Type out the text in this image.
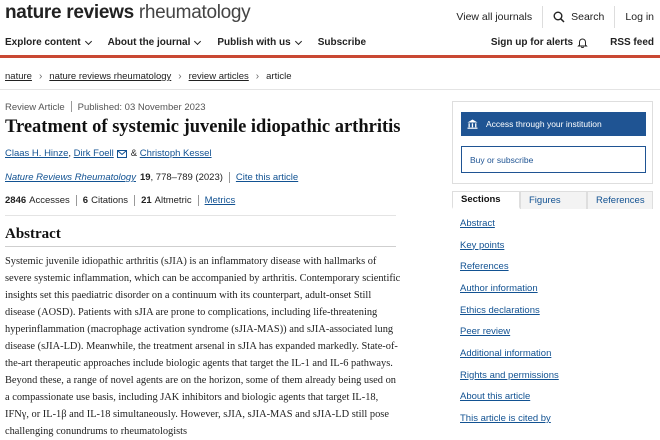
nature reviews rheumatology	View all journals	Search Log in
Explore content	About the journal	Publish with us	Subscribe	Sign up for alerts	RSS feed
nature › nature reviews rheumatology › review articles › article
Review Article Published: 03 November 2023
Treatment of systemic juvenile idiopathic arthritis
Claas H. Hinze ,
Dirk Foell &
Christoph Kessel
Nature Reviews Rheumatology 19 , 778–789 (2023) Cite this article
2846 Accesses 6 Citations 21 Altmetric Metrics
Abstract

Systemic juvenile idiopathic arthritis (sJIA) is an inflammatory disease with hallmarks of severe systemic inflammation, which can be accompanied by arthritis. Contemporary scientific insights set this paediatric disorder on a continuum with its counterpart, adult-onset Still disease (AOSD). Patients with sJIA are prone to complications, including life-threatening hyperinflammation (macrophage activation syndrome (sJIA-MAS)) and sJIA-associated lung disease (sJIA-LD). Meanwhile, the treatment arsenal in sJIA has expanded markedly. State-of-the-art therapeutic approaches include biologic agents that target the IL-1 and IL-6 pathways. Beyond these, a range of novel agents are on the horizon, some of them already being used on a compassionate use basis, including JAK inhibitors and biologic agents that target IL-18, IFNγ, or IL-1β and IL-18 simultaneously. However, sJIA, sJIA-MAS and sJIA-LD still pose challenging conundrums to rheumatologists

Access through your institution
Buy or subscribe
Sections	Figures	References
Abstract
Key points
References
Author information
Ethics declarations
Peer review
Additional information
Rights and permissions
About this article
This article is cited by
